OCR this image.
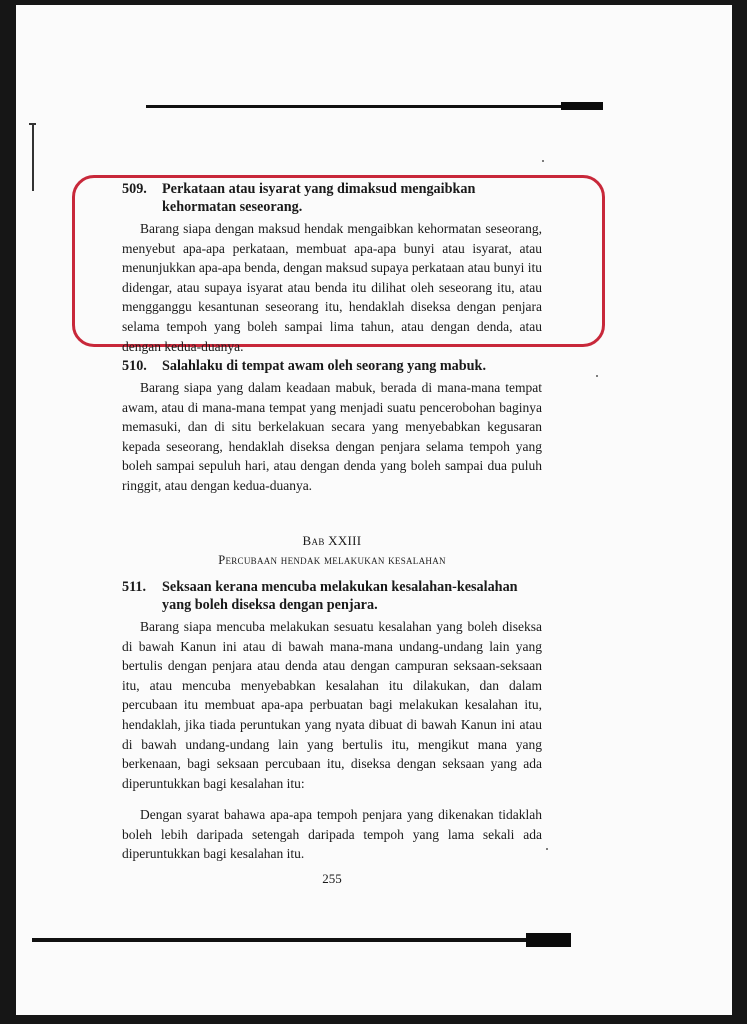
509.	Perkataan atau isyarat yang dimaksud mengaibkan kehormatan seseorang.
Barang siapa dengan maksud hendak mengaibkan kehormatan seseorang, menyebut apa-apa perkataan, membuat apa-apa bunyi atau isyarat, atau menunjukkan apa-apa benda, dengan maksud supaya perkataan atau bunyi itu didengar, atau supaya isyarat atau benda itu dilihat oleh seseorang itu, atau mengganggu kesantunan seseorang itu, hendaklah diseksa dengan penjara selama tempoh yang boleh sampai lima tahun, atau dengan denda, atau dengan kedua-duanya.
510.	Salahlaku di tempat awam oleh seorang yang mabuk.
Barang siapa yang dalam keadaan mabuk, berada di mana-mana tempat awam, atau di mana-mana tempat yang menjadi suatu pencerobohan baginya memasuki, dan di situ berkelakuan secara yang menyebabkan kegusaran kepada seseorang, hendaklah diseksa dengan penjara selama tempoh yang boleh sampai sepuluh hari, atau dengan denda yang boleh sampai dua puluh ringgit, atau dengan kedua-duanya.
Bab XXIII
Percubaan hendak melakukan kesalahan
511.	Seksaan kerana mencuba melakukan kesalahan-kesalahan yang boleh diseksa dengan penjara.
Barang siapa mencuba melakukan sesuatu kesalahan yang boleh diseksa di bawah Kanun ini atau di bawah mana-mana undang-undang lain yang bertulis dengan penjara atau denda atau dengan campuran seksaan-seksaan itu, atau mencuba menyebabkan kesalahan itu dilakukan, dan dalam percubaan itu membuat apa-apa perbuatan bagi melakukan kesalahan itu, hendaklah, jika tiada peruntukan yang nyata dibuat di bawah Kanun ini atau di bawah undang-undang lain yang bertulis itu, mengikut mana yang berkenaan, bagi seksaan percubaan itu, diseksa dengan seksaan yang ada diperuntukkan bagi kesalahan itu:
Dengan syarat bahawa apa-apa tempoh penjara yang dikenakan tidaklah boleh lebih daripada setengah daripada tempoh yang lama sekali ada diperuntukkan bagi kesalahan itu.
255
